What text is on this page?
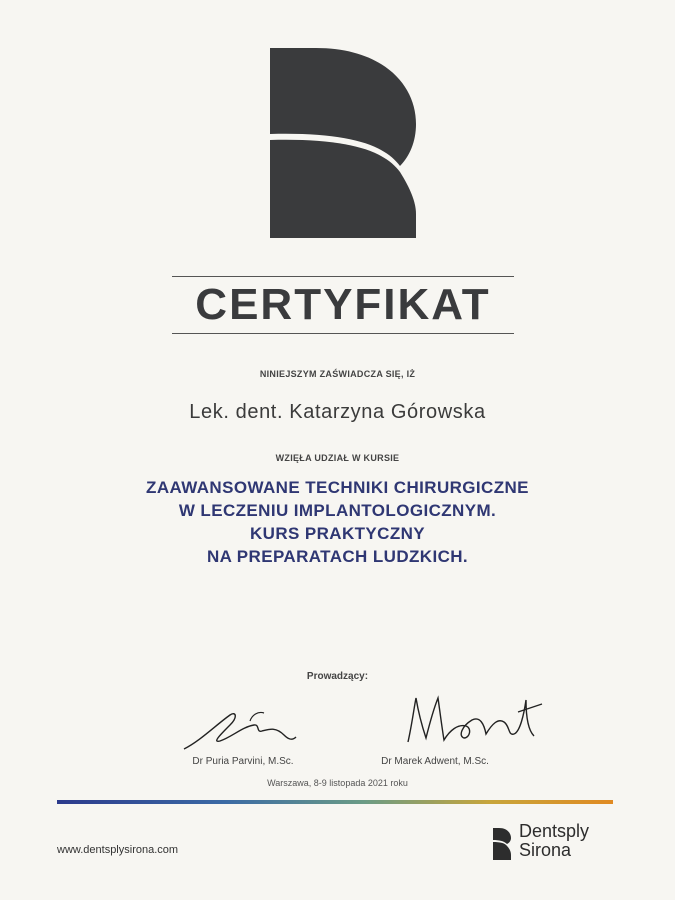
CERTYFIKAT
NINIEJSZYM ZAŚWIADCZA SIĘ, IŻ
Lek. dent. Katarzyna Górowska
WZIĘŁA UDZIAŁ W KURSIE
ZAAWANSOWANE TECHNIKI CHIRURGICZNE
W LECZENIU IMPLANTOLOGICZNYM.
KURS PRAKTYCZNY
NA PREPARATACH LUDZKICH.
Prowadzący:
Dr Puria Parvini, M.Sc.	Dr Marek Adwent, M.Sc.
Warszawa, 8-9 listopada 2021 roku
www.dentsplysirona.com
Dentsply
Sirona
